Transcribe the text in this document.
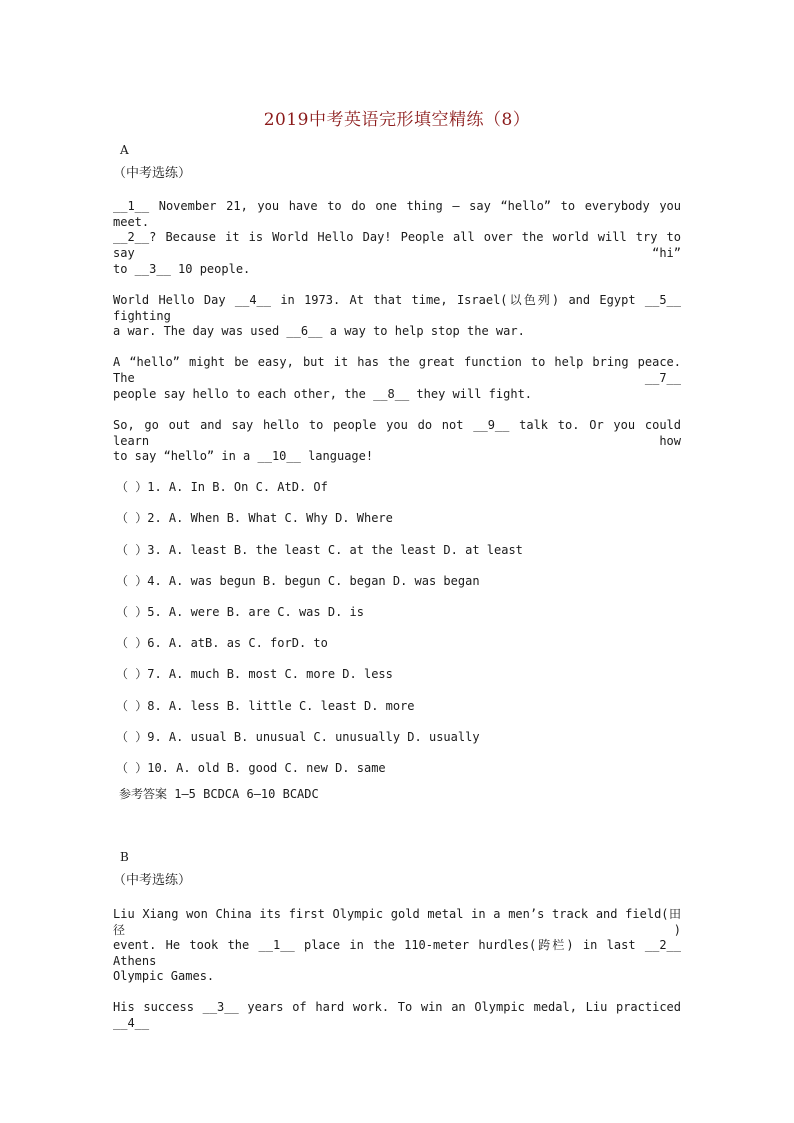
2019中考英语完形填空精练（8）
A
（中考选练）
__1__ November 21, you have to do one thing — say “hello” to everybody you meet.
__2__? Because it is World Hello Day! People all over the world will try to say “hi”
to __3__ 10 people.
World Hello Day __4__ in 1973. At that time, Israel(以色列) and Egypt __5__ fighting
a war. The day was used __6__ a way to help stop the war.
A “hello” might be easy, but it has the great function to help bring peace. The __7__
people say hello to each other, the __8__ they will fight.
So, go out and say hello to people you do not __9__ talk to. Or you could learn how
to say “hello” in a __10__ language!
（ ）1. A. In B. On C. AtD. Of
（ ）2. A. When B. What C. Why D. Where
（ ）3. A. least B. the least C. at the least D. at least
（ ）4. A. was begun B. begun C. began D. was began
（ ）5. A. were B. are C. was D. is
（ ）6. A. atB. as C. forD. to
（ ）7. A. much B. most C. more D. less
（ ）8. A. less B. little C. least D. more
（ ）9. A. usual B. unusual C. unusually D. usually
（ ）10. A. old B. good C. new D. same
参考答案 1—5 BCDCA 6—10 BCADC
B
（中考选练）
Liu Xiang won China its first Olympic gold metal in a men’s track and field(田径)
event. He took the __1__ place in the 110-meter hurdles(跨栏) in last __2__ Athens
Olympic Games.
His success __3__ years of hard work. To win an Olympic medal, Liu practiced __4__
